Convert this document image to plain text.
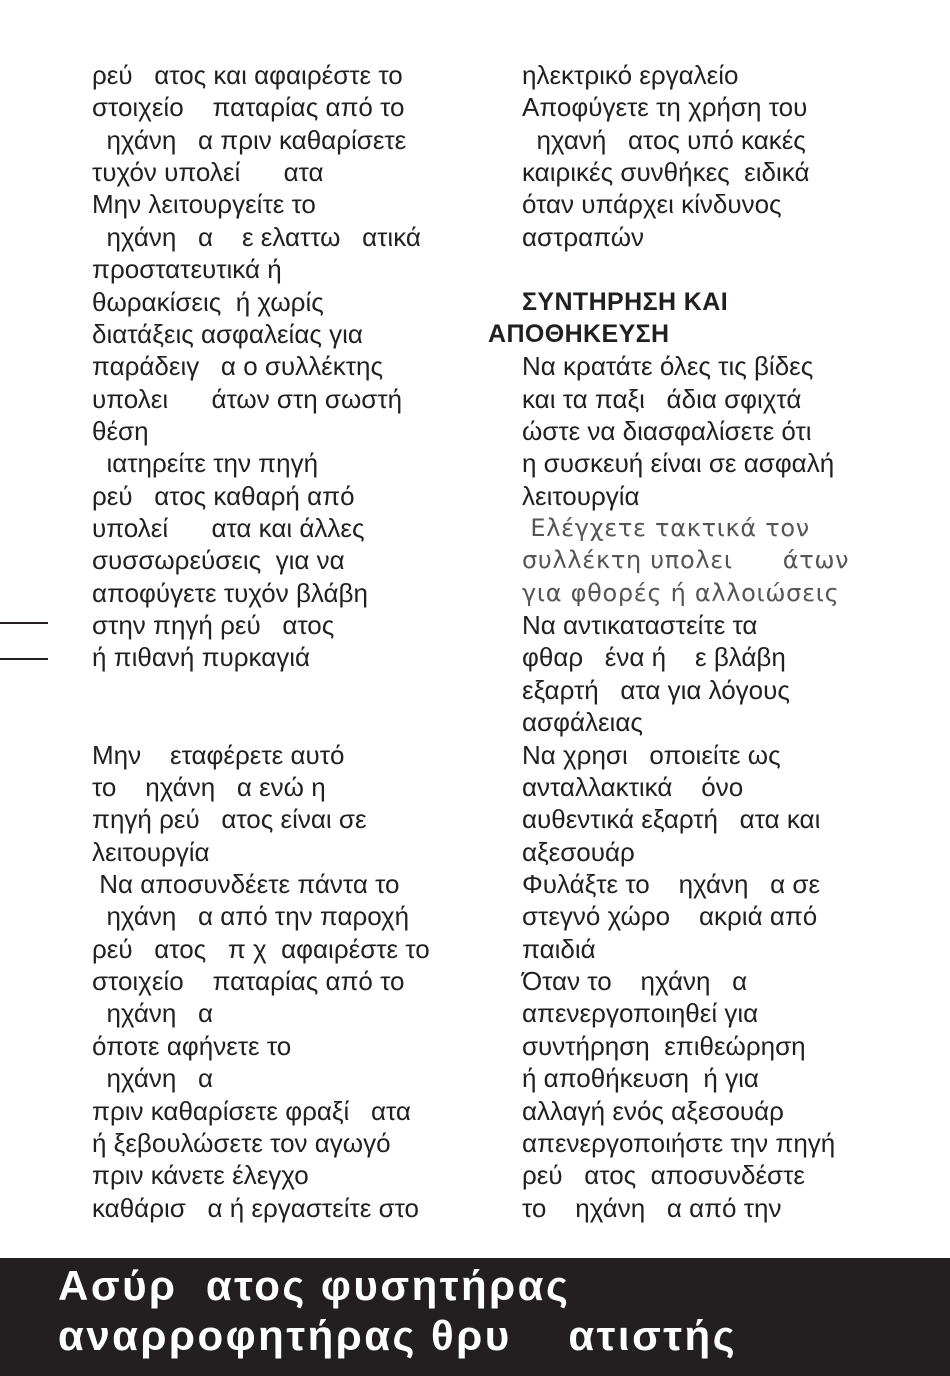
ρεύ   ατος και αφαιρέστε το
στοιχείο    παταρίας από το
ηχάνη   α πριν καθαρίσετε
τυχόν υπολεί      ατα
Μην λειτουργείτε το
ηχάνη   α    ε ελαττω   ατικά
προστατευτικά ή
θωρακίσεις  ή χωρίς
διατάξεις ασφαλείας για
παράδειγ   α ο συλλέκτης
υπολει      άτων στη σωστή
θέση
ιατηρείτε την πηγή
ρεύ   ατος καθαρή από
υπολεί      ατα και άλλες
συσσωρεύσεις  για να
αποφύγετε τυχόν βλάβη
στην πηγή ρεύ   ατος
ή πιθανή πυρκαγιά
Μην    εταφέρετε αυτό
το    ηχάνη   α ενώ η
πηγή ρεύ   ατος είναι σε
λειτουργία
Να αποσυνδέετε πάντα το
ηχάνη   α από την παροχή
ρεύ   ατος   π χ  αφαιρέστε το
στοιχείο    παταρίας από το
ηχάνη   α
όποτε αφήνετε το
ηχάνη   α
πριν καθαρίσετε φραξί   ατα
ή ξεβουλώσετε τον αγωγό
πριν κάνετε έλεγχο
καθάρισ   α ή εργαστείτε στο
ηλεκτρικό εργαλείο
Αποφύγετε τη χρήση του
ηχανή   ατος υπό κακές
καιρικές συνθήκες  ειδικά
όταν υπάρχει κίνδυνος
αστραπών
ΣΥΝΤΗΡΗΣΗ ΚΑΙ
ΑΠΟΘΗΚΕΥΣΗ
Να κρατάτε όλες τις βίδες
και τα παξι   άδια σφιχτά
ώστε να διασφαλίσετε ότι
η συσκευή είναι σε ασφαλή
λειτουργία
Ελέγχετε τακτικά τον
συλλέκτη υπολει      άτων
για φθορές ή αλλοιώσεις
Να αντικαταστείτε τα
φθαρ   ένα ή    ε βλάβη
εξαρτή   ατα για λόγους
ασφάλειας
Να χρησι   οποιείτε ως
ανταλλακτικά    όνο
αυθεντικά εξαρτή   ατα και
αξεσουάρ
Φυλάξτε το    ηχάνη   α σε
στεγνό χώρο    ακριά από
παιδιά
Όταν το    ηχάνη   α
απενεργοποιηθεί για
συντήρηση  επιθεώρηση
ή αποθήκευση  ή για
αλλαγή ενός αξεσουάρ
απενεργοποιήστε την πηγή
ρεύ   ατος  αποσυνδέστε
το    ηχάνη   α από την
Ασύρ  ατος φυσητήρας
αναρροφητήρας θρυ    ατιστής
